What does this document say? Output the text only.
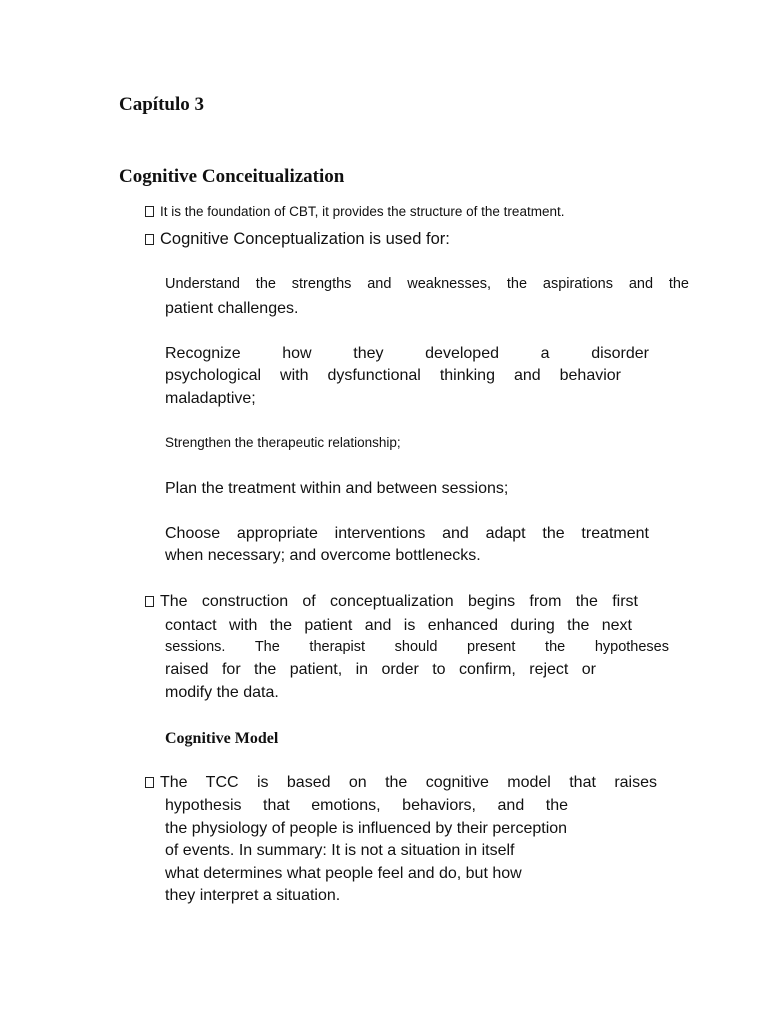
Capítulo 3
Cognitive Conceitualization
It is the foundation of CBT, it provides the structure of the treatment.
Cognitive Conceptualization is used for:
Understand the strengths and weaknesses, the aspirations and the
patient challenges.
Recognize how they developed a disorder
psychological with dysfunctional thinking and behavior
maladaptive;
Strengthen the therapeutic relationship;
Plan the treatment within and between sessions;
Choose appropriate interventions and adapt the treatment
when necessary; and overcome bottlenecks.
The construction of conceptualization begins from the first
contact with the patient and is enhanced during the next
sessions. The therapist should present the hypotheses
raised for the patient, in order to confirm, reject or
modify the data.
Cognitive Model
The TCC is based on the cognitive model that raises
hypothesis that emotions, behaviors, and the
the physiology of people is influenced by their perception
of events. In summary: It is not a situation in itself
what determines what people feel and do, but how
they interpret a situation.
